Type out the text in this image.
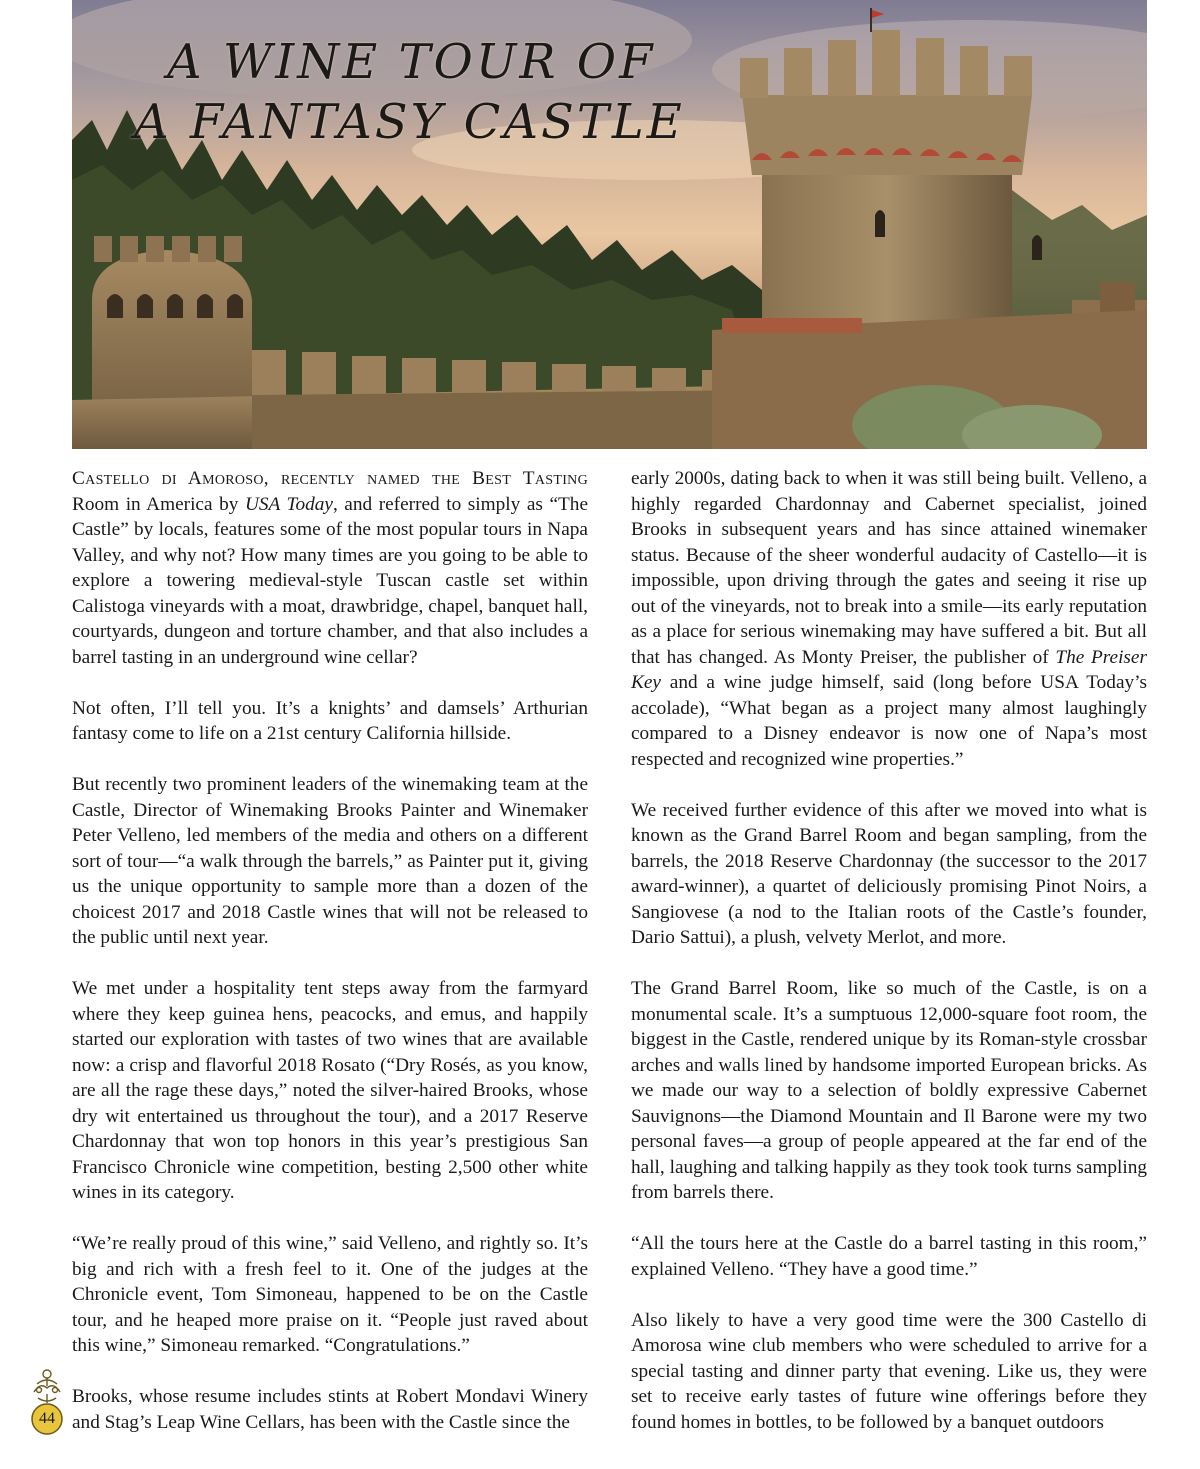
A WINE TOUR OF
A FANTASY CASTLE

Castello di Amoroso, recently named the Best Tasting Room in America by USA Today, and referred to simply as “The Castle” by locals, features some of the most popular tours in Napa Valley, and why not? How many times are you going to be able to explore a towering medieval-style Tuscan castle set within Calistoga vineyards with a moat, drawbridge, chapel, banquet hall, courtyards, dungeon and torture chamber, and that also includes a barrel tasting in an underground wine cellar?

Not often, I’ll tell you. It’s a knights’ and damsels’ Arthurian fantasy come to life on a 21st century California hillside.

But recently two prominent leaders of the winemaking team at the Castle, Director of Winemaking Brooks Painter and Winemaker Peter Velleno, led members of the media and others on a different sort of tour—“a walk through the barrels,” as Painter put it, giving us the unique opportunity to sample more than a dozen of the choicest 2017 and 2018 Castle wines that will not be released to the public until next year.

We met under a hospitality tent steps away from the farmyard where they keep guinea hens, peacocks, and emus, and happily started our exploration with tastes of two wines that are available now: a crisp and flavorful 2018 Rosato (“Dry Rosés, as you know, are all the rage these days,” noted the silver-haired Brooks, whose dry wit entertained us throughout the tour), and a 2017 Reserve Chardonnay that won top honors in this year’s prestigious San Francisco Chronicle wine competition, besting 2,500 other white wines in its category.

“We’re really proud of this wine,” said Velleno, and rightly so. It’s big and rich with a fresh feel to it. One of the judges at the Chronicle event, Tom Simoneau, happened to be on the Castle tour, and he heaped more praise on it. “People just raved about this wine,” Simoneau remarked. “Congratulations.”

Brooks, whose resume includes stints at Robert Mondavi Winery and Stag’s Leap Wine Cellars, has been with the Castle since the

early 2000s, dating back to when it was still being built. Velleno, a highly regarded Chardonnay and Cabernet specialist, joined Brooks in subsequent years and has since attained winemaker status. Because of the sheer wonderful audacity of Castello—it is impossible, upon driving through the gates and seeing it rise up out of the vineyards, not to break into a smile—its early reputation as a place for serious winemaking may have suffered a bit. But all that has changed. As Monty Preiser, the publisher of The Preiser Key and a wine judge himself, said (long before USA Today’s accolade), “What began as a project many almost laughingly compared to a Disney endeavor is now one of Napa’s most respected and recognized wine properties.”

We received further evidence of this after we moved into what is known as the Grand Barrel Room and began sampling, from the barrels, the 2018 Reserve Chardonnay (the successor to the 2017 award-winner), a quartet of deliciously promising Pinot Noirs, a Sangiovese (a nod to the Italian roots of the Castle’s founder, Dario Sattui), a plush, velvety Merlot, and more.

The Grand Barrel Room, like so much of the Castle, is on a monumental scale. It’s a sumptuous 12,000-square foot room, the biggest in the Castle, rendered unique by its Roman-style crossbar arches and walls lined by handsome imported European bricks. As we made our way to a selection of boldly expressive Cabernet Sauvignons—the Diamond Mountain and Il Barone were my two personal faves—a group of people appeared at the far end of the hall, laughing and talking happily as they took took turns sampling from barrels there.

“All the tours here at the Castle do a barrel tasting in this room,” explained Velleno. “They have a good time.”

Also likely to have a very good time were the 300 Castello di Amorosa wine club members who were scheduled to arrive for a special tasting and dinner party that evening. Like us, they were set to receive early tastes of future wine offerings before they found homes in bottles, to be followed by a banquet outdoors

44
